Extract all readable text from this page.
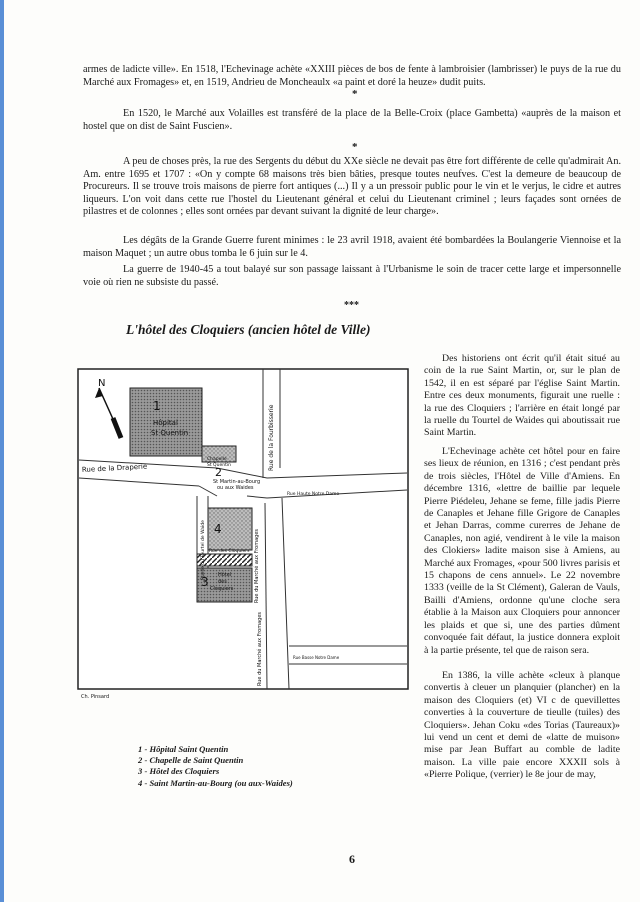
armes de ladicte ville». En 1518, l'Echevinage achète «XXIII pièces de bos de fente à lambroisier (lambrisser) le puys de la rue du Marché aux Fromages» et, en 1519, Andrieu de Moncheaulx «a paint et doré la heuze» dudit puits.

*

En 1520, le Marché aux Volailles est transféré de la place de la Belle-Croix (place Gambetta) «auprès de la maison et hostel que on dist de Saint Fuscien».

*

A peu de choses près, la rue des Sergents du début du XXe siècle ne devait pas être fort différente de celle qu'admirait An. Am. entre 1695 et 1707 : «On y compte 68 maisons très bien bâties, presque toutes neufves. C'est la demeure de beaucoup de Procureurs. Il se trouve trois maisons de pierre fort antiques (...) Il y a un pressoir public pour le vin et le verjus, le cidre et autres liqueurs. L'on voit dans cette rue l'hostel du Lieutenant général et celui du Lieutenant criminel ; leurs façades sont ornées de pilastres et de colonnes ; elles sont ornées par devant suivant la dignité de leur charge».

Les dégâts de la Grande Guerre furent minimes : le 23 avril 1918, avaient été bombardées la Boulangerie Viennoise et la maison Maquet ; un autre obus tomba le 6 juin sur le 4.

La guerre de 1940-45 a tout balayé sur son passage laissant à l'Urbanisme le soin de tracer cette large et impersonnelle voie où rien ne subsiste du passé.

***
L'hôtel des Cloquiers (ancien hôtel de Ville)
N
1
Hôpital
St Quentin
2
Chapelle
St Quentin
4
3 Hôtel
des
Cloquiers
Rue de la Draperie	Rue de la Fourbisserie
St Martin-au-Bourg
ou aux Waides
Rue Haute Notre Dame
Ruelle du Tourtel de Waide Rue des Cloquiers Rue du Marché aux Fromages
Rue du Marché aux Fromages	Rue Basse Notre Dame
Ch. Pinsard
1 - Hôpital Saint Quentin
2 - Chapelle de Saint Quentin
3 - Hôtel des Cloquiers
4 - Saint Martin-au-Bourg (ou aux-Waides)

Des historiens ont écrit qu'il était situé au coin de la rue Saint Martin, or, sur le plan de 1542, il en est séparé par l'église Saint Martin. Entre ces deux monuments, figurait une ruelle : la rue des Cloquiers ; l'arrière en était longé par la ruelle du Tourtel de Waides qui aboutissait rue Saint Martin.

L'Echevinage achète cet hôtel pour en faire ses lieux de réunion, en 1316 ; c'est pendant près de trois siècles, l'Hôtel de Ville d'Amiens. En décembre 1316, «lettre de baillie par lequele Pierre Piédeleu, Jehane se feme, fille jadis Pierre de Canaples et Jehane fille Grigore de Canaples et Jehan Darras, comme curerres de Jehane de Canaples, non agié, vendirent à le vile la maison des Clokiers» ladite maison sise à Amiens, au Marché aux Fromages, «pour 500 livres parisis et 15 chapons de cens annuel». Le 22 novembre 1333 (veille de la St Clément), Galeran de Vauls, Bailli d'Amiens, ordonne qu'une cloche sera établie à la Maison aux Cloquiers pour annoncer les plaids et que si, une des parties dûment convoquée fait défaut, la justice donnera exploit à la partie présente, tel que de raison sera.

En 1386, la ville achète «cleux à planque convertis à cleuer un planquier (plancher) en la maison des Cloquiers (et) VI c de quevillettes converties à la couverture de tieulle (tuiles) des Cloquiers». Jehan Coku «des Torias (Taureaux)» lui vend un cent et demi de «latte de muison» mise par Jean Buffart au comble de ladite maison. La ville paie encore XXXII sols à «Pierre Polique, (verrier) le 8e jour de may,

6
